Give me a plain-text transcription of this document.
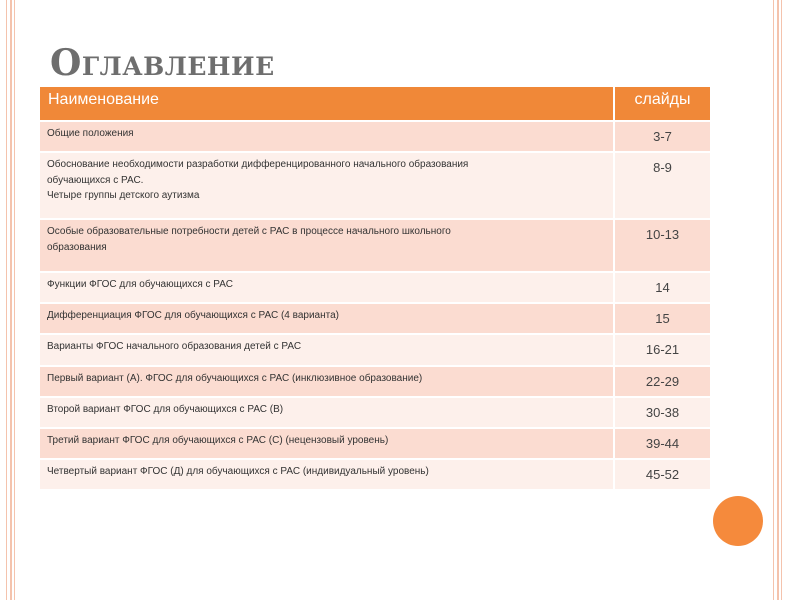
Оглавление
Наименование	слайды
Общие положения	3-7
Обоснование необходимости разработки дифференцированного начального образования
обучающихся с РАС.
Четыре группы детского аутизма	8-9
Особые образовательные потребности детей с РАС в процессе начального школьного
образования	10-13
Функции ФГОС для обучающихся с РАС	14
Дифференциация ФГОС для обучающихся с РАС (4 варианта)	15
Варианты ФГОС начального образования детей с РАС	16-21
Первый вариант (А). ФГОС для обучающихся с РАС (инклюзивное образование)	22-29
Второй вариант ФГОС для обучающихся с РАС (В)	30-38
Третий вариант ФГОС для обучающихся с РАС (С) (нецензовый уровень)	39-44
Четвертый вариант ФГОС (Д) для обучающихся с РАС (индивидуальный уровень)	45-52
